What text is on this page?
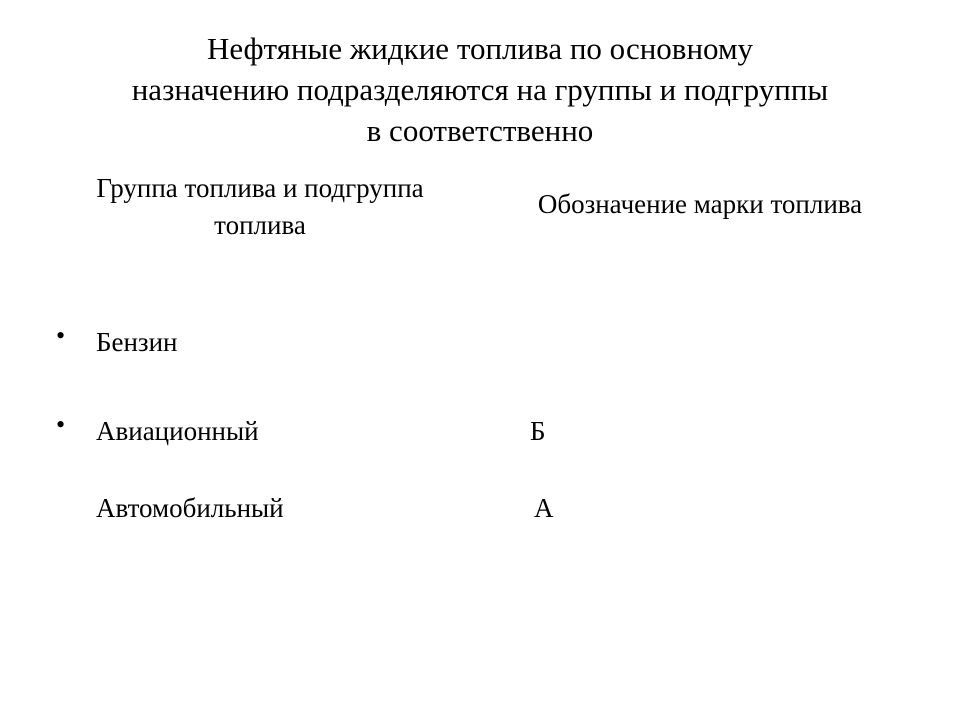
Нефтяные жидкие топлива по основному
назначению подразделяются на группы и подгруппы
в соответственно
Группа топлива и подгруппа
топлива
Обозначение марки топлива
• Бензин
• Авиационный	Б
Автомобильный	А
